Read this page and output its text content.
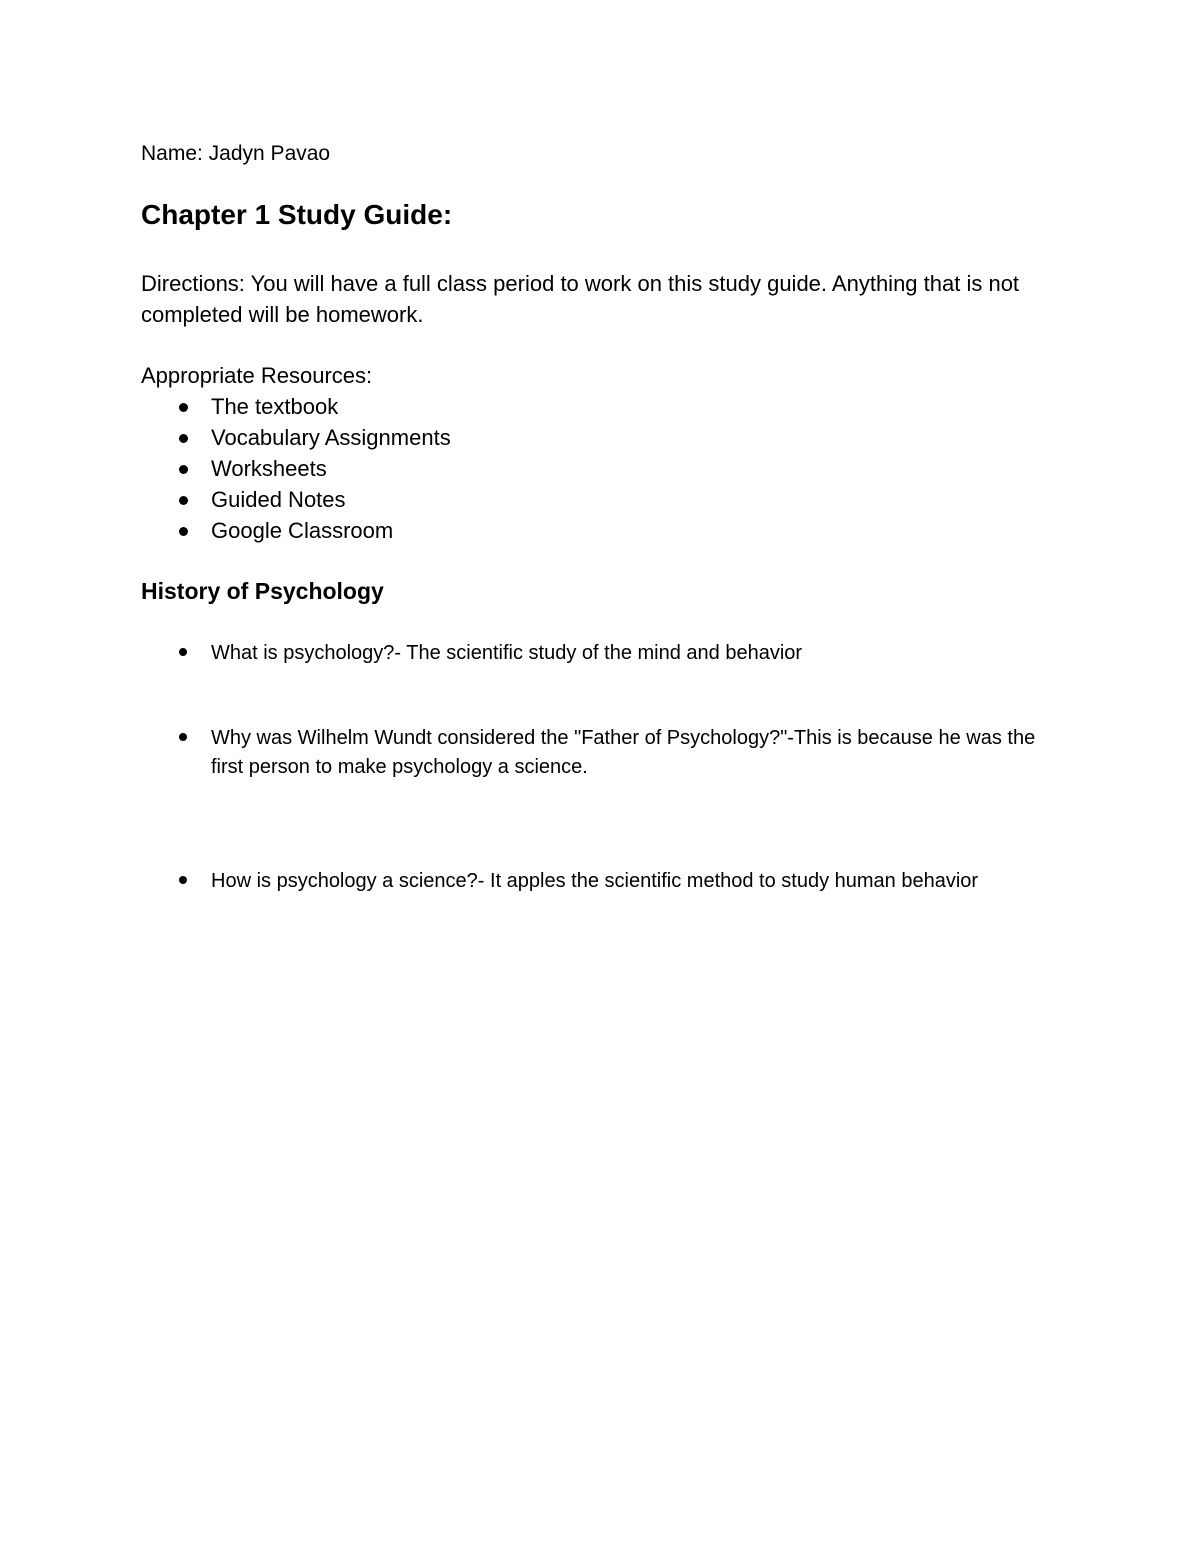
Name: Jadyn Pavao
Chapter 1 Study Guide:
Directions: You will have a full class period to work on this study guide. Anything that is not completed will be homework.
Appropriate Resources:
The textbook
Vocabulary Assignments
Worksheets
Guided Notes
Google Classroom
History of Psychology
What is psychology?- The scientific study of the mind and behavior
Why was Wilhelm Wundt considered the "Father of Psychology?"-This is because he was the first person to make psychology a science.
How is psychology a science?- It apples the scientific method to study human behavior
